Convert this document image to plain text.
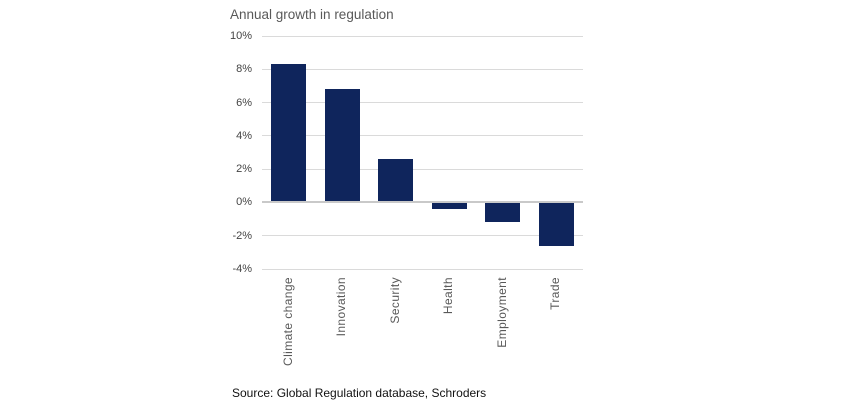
Annual growth in regulation
10%
8%
6%
4%
2%
0%
-2%
-4%
Climate change	Innovation	Security	Health	Employment	Trade
Source: Global Regulation database, Schroders
